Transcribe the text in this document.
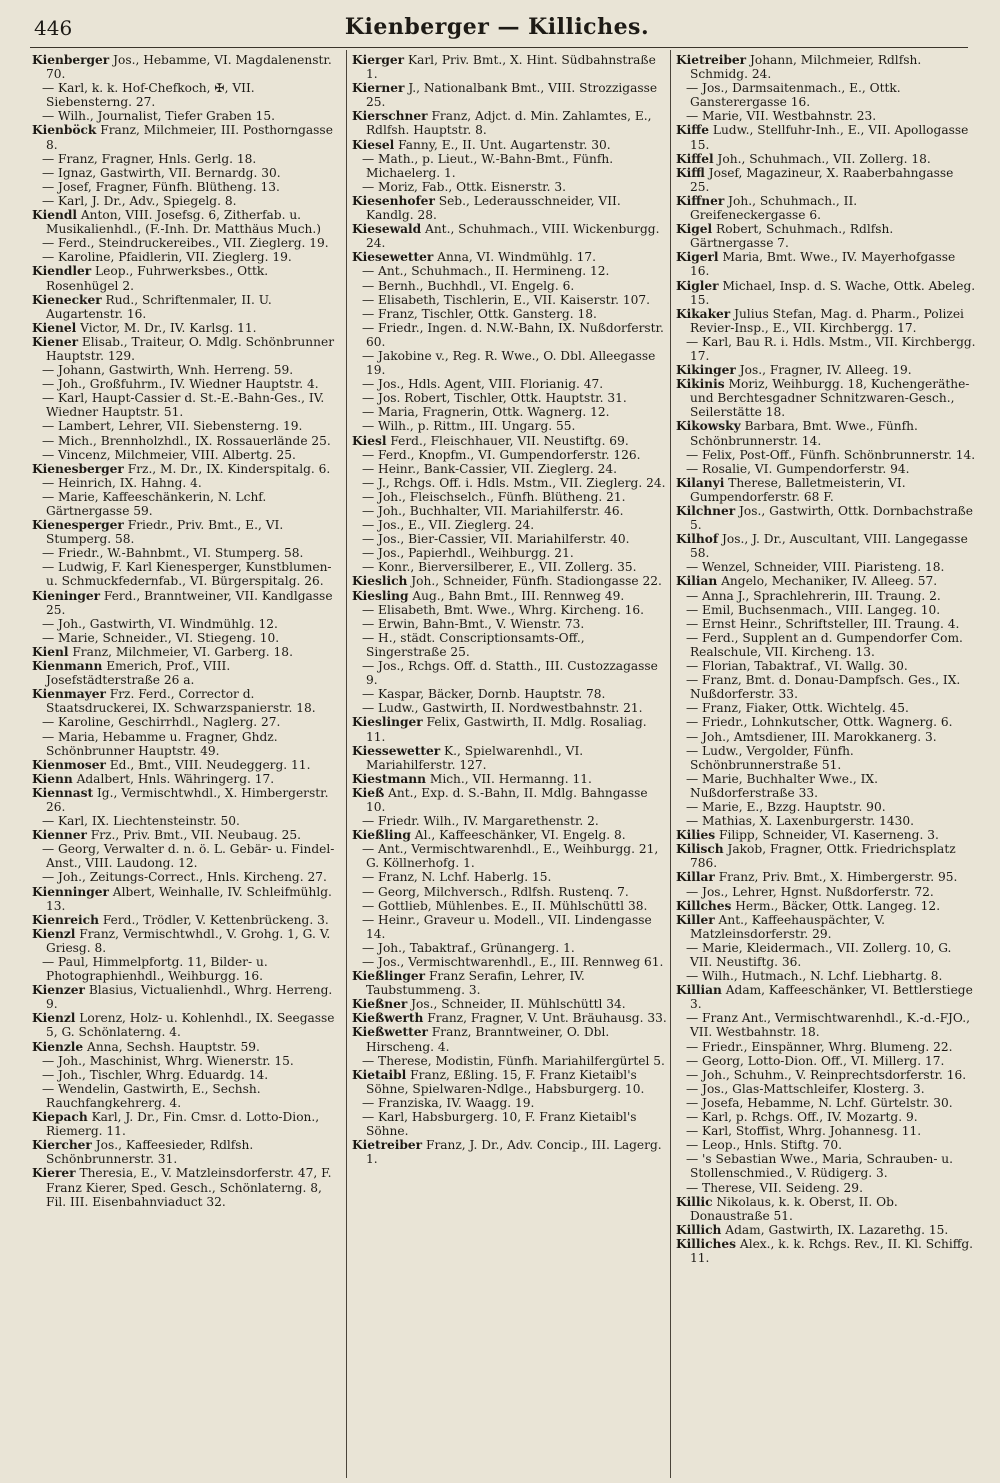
446	Kienberger — Killiches.

Kienberger Jos., Hebamme, VI. Magdalenenstr. 70.

— Karl, k. k. Hof-Chefkoch, ✠, VII. Siebensterng. 27.

— Wilh., Journalist, Tiefer Graben 15.

Kienböck Franz, Milchmeier, III. Posthorngasse 8.

— Franz, Fragner, Hnls. Gerlg. 18.

— Ignaz, Gastwirth, VII. Bernardg. 30.

— Josef, Fragner, Fünfh. Blütheng. 13.

— Karl, J. Dr., Adv., Spiegelg. 8.

Kiendl Anton, VIII. Josefsg. 6, Zitherfab. u. Musikalienhdl., (F.-Inh. Dr. Matthäus Much.)

— Ferd., Steindruckereibes., VII. Zieglerg. 19.

— Karoline, Pfaidlerin, VII. Zieglerg. 19.

Kiendler Leop., Fuhrwerksbes., Ottk. Rosenhügel 2.

Kienecker Rud., Schriftenmaler, II. U. Augartenstr. 16.

Kienel Victor, M. Dr., IV. Karlsg. 11.

Kiener Elisab., Traiteur, O. Mdlg. Schönbrunner Hauptstr. 129.

— Johann, Gastwirth, Wnh. Herreng. 59.

— Joh., Großfuhrm., IV. Wiedner Hauptstr. 4.

— Karl, Haupt-Cassier d. St.-E.-Bahn-Ges., IV. Wiedner Hauptstr. 51.

— Lambert, Lehrer, VII. Siebensterng. 19.

— Mich., Brennholzhdl., IX. Rossauerlände 25.

— Vincenz, Milchmeier, VIII. Albertg. 25.

Kienesberger Frz., M. Dr., IX. Kinderspitalg. 6.

— Heinrich, IX. Hahng. 4.

— Marie, Kaffeeschänkerin, N. Lchf. Gärtnergasse 59.

Kienesperger Friedr., Priv. Bmt., E., VI. Stumperg. 58.

— Friedr., W.-Bahnbmt., VI. Stumperg. 58.

— Ludwig, F. Karl Kienesperger, Kunstblumen- u. Schmuckfedernfab., VI. Bürgerspitalg. 26.

Kieninger Ferd., Branntweiner, VII. Kandlgasse 25.

— Joh., Gastwirth, VI. Windmühlg. 12.

— Marie, Schneider., VI. Stiegeng. 10.

Kienl Franz, Milchmeier, VI. Garberg. 18.

Kienmann Emerich, Prof., VIII. Josefstädterstraße 26 a.

Kienmayer Frz. Ferd., Corrector d. Staatsdruckerei, IX. Schwarzspanierstr. 18.

— Karoline, Geschirrhdl., Naglerg. 27.

— Maria, Hebamme u. Fragner, Ghdz. Schönbrunner Hauptstr. 49.

Kienmoser Ed., Bmt., VIII. Neudeggerg. 11.

Kienn Adalbert, Hnls. Währingerg. 17.

Kiennast Ig., Vermischtwhdl., X. Himbergerstr. 26.

— Karl, IX. Liechtensteinstr. 50.

Kienner Frz., Priv. Bmt., VII. Neubaug. 25.

— Georg, Verwalter d. n. ö. L. Gebär- u. Findel-Anst., VIII. Laudong. 12.

— Joh., Zeitungs-Correct., Hnls. Kircheng. 27.

Kienninger Albert, Weinhalle, IV. Schleifmühlg. 13.

Kienreich Ferd., Trödler, V. Kettenbrückeng. 3.

Kienzl Franz, Vermischtwhdl., V. Grohg. 1, G. V. Griesg. 8.

— Paul, Himmelpfortg. 11, Bilder- u. Photographienhdl., Weihburgg. 16.

Kienzer Blasius, Victualienhdl., Whrg. Herreng. 9.

Kienzl Lorenz, Holz- u. Kohlenhdl., IX. Seegasse 5, G. Schönlaterng. 4.

Kienzle Anna, Sechsh. Hauptstr. 59.

— Joh., Maschinist, Whrg. Wienerstr. 15.

— Joh., Tischler, Whrg. Eduardg. 14.

— Wendelin, Gastwirth, E., Sechsh. Rauchfangkehrerg. 4.

Kiepach Karl, J. Dr., Fin. Cmsr. d. Lotto-Dion., Riemerg. 11.

Kiercher Jos., Kaffeesieder, Rdlfsh. Schönbrunnerstr. 31.

Kierer Theresia, E., V. Matzleinsdorferstr. 47, F. Franz Kierer, Sped. Gesch., Schönlaterng. 8, Fil. III. Eisenbahnviaduct 32.

Kierger Karl, Priv. Bmt., X. Hint. Südbahnstraße 1.

Kierner J., Nationalbank Bmt., VIII. Strozzigasse 25.

Kierschner Franz, Adjct. d. Min. Zahlamtes, E., Rdlfsh. Hauptstr. 8.

Kiesel Fanny, E., II. Unt. Augartenstr. 30.

— Math., p. Lieut., W.-Bahn-Bmt., Fünfh. Michaelerg. 1.

— Moriz, Fab., Ottk. Eisnerstr. 3.

Kiesenhofer Seb., Lederausschneider, VII. Kandlg. 28.

Kiesewald Ant., Schuhmach., VIII. Wickenburgg. 24.

Kiesewetter Anna, VI. Windmühlg. 17.

— Ant., Schuhmach., II. Hermineng. 12.

— Bernh., Buchhdl., VI. Engelg. 6.

— Elisabeth, Tischlerin, E., VII. Kaiserstr. 107.

— Franz, Tischler, Ottk. Gansterg. 18.

— Friedr., Ingen. d. N.W.-Bahn, IX. Nußdorferstr. 60.

— Jakobine v., Reg. R. Wwe., O. Dbl. Alleegasse 19.

— Jos., Hdls. Agent, VIII. Florianig. 47.

— Jos. Robert, Tischler, Ottk. Hauptstr. 31.

— Maria, Fragnerin, Ottk. Wagnerg. 12.

— Wilh., p. Rittm., III. Ungarg. 55.

Kiesl Ferd., Fleischhauer, VII. Neustiftg. 69.

— Ferd., Knopfm., VI. Gumpendorferstr. 126.

— Heinr., Bank-Cassier, VII. Zieglerg. 24.

— J., Rchgs. Off. i. Hdls. Mstm., VII. Zieglerg. 24.

— Joh., Fleischselch., Fünfh. Blütheng. 21.

— Joh., Buchhalter, VII. Mariahilferstr. 46.

— Jos., E., VII. Zieglerg. 24.

— Jos., Bier-Cassier, VII. Mariahilferstr. 40.

— Jos., Papierhdl., Weihburgg. 21.

— Konr., Bierversilberer, E., VII. Zollerg. 35.

Kieslich Joh., Schneider, Fünfh. Stadiongasse 22.

Kiesling Aug., Bahn Bmt., III. Rennweg 49.

— Elisabeth, Bmt. Wwe., Whrg. Kircheng. 16.

— Erwin, Bahn-Bmt., V. Wienstr. 73.

— H., städt. Conscriptionsamts-Off., Singerstraße 25.

— Jos., Rchgs. Off. d. Statth., III. Custozzagasse 9.

— Kaspar, Bäcker, Dornb. Hauptstr. 78.

— Ludw., Gastwirth, II. Nordwestbahnstr. 21.

Kieslinger Felix, Gastwirth, II. Mdlg. Rosaliag. 11.

Kiessewetter K., Spielwarenhdl., VI. Mariahilferstr. 127.

Kiestmann Mich., VII. Hermanng. 11.

Kieß Ant., Exp. d. S.-Bahn, II. Mdlg. Bahngasse 10.

— Friedr. Wilh., IV. Margarethenstr. 2.

Kießling Al., Kaffeeschänker, VI. Engelg. 8.

— Ant., Vermischtwarenhdl., E., Weihburgg. 21, G. Köllnerhofg. 1.

— Franz, N. Lchf. Haberlg. 15.

— Georg, Milchversch., Rdlfsh. Rustenq. 7.

— Gottlieb, Mühlenbes. E., II. Mühlschüttl 38.

— Heinr., Graveur u. Modell., VII. Lindengasse 14.

— Joh., Tabaktraf., Grünangerg. 1.

— Jos., Vermischtwarenhdl., E., III. Rennweg 61.

Kießlinger Franz Serafin, Lehrer, IV. Taubstummeng. 3.

Kießner Jos., Schneider, II. Mühlschüttl 34.

Kießwerth Franz, Fragner, V. Unt. Bräuhausg. 33.

Kießwetter Franz, Branntweiner, O. Dbl. Hirscheng. 4.

— Therese, Modistin, Fünfh. Mariahilfergürtel 5.

Kietaibl Franz, Eßling. 15, F. Franz Kietaibl's Söhne, Spielwaren-Ndlge., Habsburgerg. 10.

— Franziska, IV. Waagg. 19.

— Karl, Habsburgerg. 10, F. Franz Kietaibl's Söhne.

Kietreiber Franz, J. Dr., Adv. Concip., III. Lagerg. 1.

Kietreiber Johann, Milchmeier, Rdlfsh. Schmidg. 24.

— Jos., Darmsaitenmach., E., Ottk. Gansterergasse 16.

— Marie, VII. Westbahnstr. 23.

Kiffe Ludw., Stellfuhr-Inh., E., VII. Apollogasse 15.

Kiffel Joh., Schuhmach., VII. Zollerg. 18.

Kiffl Josef, Magazineur, X. Raaberbahngasse 25.

Kiffner Joh., Schuhmach., II. Greifeneckergasse 6.

Kigel Robert, Schuhmach., Rdlfsh. Gärtnergasse 7.

Kigerl Maria, Bmt. Wwe., IV. Mayerhofgasse 16.

Kigler Michael, Insp. d. S. Wache, Ottk. Abeleg. 15.

Kikaker Julius Stefan, Mag. d. Pharm., Polizei Revier-Insp., E., VII. Kirchbergg. 17.

— Karl, Bau R. i. Hdls. Mstm., VII. Kirchbergg. 17.

Kikinger Jos., Fragner, IV. Alleeg. 19.

Kikinis Moriz, Weihburgg. 18, Kuchengeräthe- und Berchtesgadner Schnitzwaren-Gesch., Seilerstätte 18.

Kikowsky Barbara, Bmt. Wwe., Fünfh. Schönbrunnerstr. 14.

— Felix, Post-Off., Fünfh. Schönbrunnerstr. 14.

— Rosalie, VI. Gumpendorferstr. 94.

Kilanyi Therese, Balletmeisterin, VI. Gumpendorferstr. 68 F.

Kilchner Jos., Gastwirth, Ottk. Dornbachstraße 5.

Kilhof Jos., J. Dr., Auscultant, VIII. Langegasse 58.

— Wenzel, Schneider, VIII. Piaristeng. 18.

Kilian Angelo, Mechaniker, IV. Alleeg. 57.

— Anna J., Sprachlehrerin, III. Traung. 2.

— Emil, Buchsenmach., VIII. Langeg. 10.

— Ernst Heinr., Schriftsteller, III. Traung. 4.

— Ferd., Supplent an d. Gumpendorfer Com. Realschule, VII. Kircheng. 13.

— Florian, Tabaktraf., VI. Wallg. 30.

— Franz, Bmt. d. Donau-Dampfsch. Ges., IX. Nußdorferstr. 33.

— Franz, Fiaker, Ottk. Wichtelg. 45.

— Friedr., Lohnkutscher, Ottk. Wagnerg. 6.

— Joh., Amtsdiener, III. Marokkanerg. 3.

— Ludw., Vergolder, Fünfh. Schönbrunnerstraße 51.

— Marie, Buchhalter Wwe., IX. Nußdorferstraße 33.

— Marie, E., Bzzg. Hauptstr. 90.

— Mathias, X. Laxenburgerstr. 1430.

Kilies Filipp, Schneider, VI. Kaserneng. 3.

Kilisch Jakob, Fragner, Ottk. Friedrichsplatz 786.

Killar Franz, Priv. Bmt., X. Himbergerstr. 95.

— Jos., Lehrer, Hgnst. Nußdorferstr. 72.

Killches Herm., Bäcker, Ottk. Langeg. 12.

Killer Ant., Kaffeehauspächter, V. Matzleinsdorferstr. 29.

— Marie, Kleidermach., VII. Zollerg. 10, G. VII. Neustiftg. 36.

— Wilh., Hutmach., N. Lchf. Liebhartg. 8.

Killian Adam, Kaffeeschänker, VI. Bettlerstiege 3.

— Franz Ant., Vermischtwarenhdl., K.-d.-FJO., VII. Westbahnstr. 18.

— Friedr., Einspänner, Whrg. Blumeng. 22.

— Georg, Lotto-Dion. Off., VI. Millerg. 17.

— Joh., Schuhm., V. Reinprechtsdorferstr. 16.

— Jos., Glas-Mattschleifer, Klosterg. 3.

— Josefa, Hebamme, N. Lchf. Gürtelstr. 30.

— Karl, p. Rchgs. Off., IV. Mozartg. 9.

— Karl, Stoffist, Whrg. Johannesg. 11.

— Leop., Hnls. Stiftg. 70.

— 's Sebastian Wwe., Maria, Schrauben- u. Stollenschmied., V. Rüdigerg. 3.

— Therese, VII. Seideng. 29.

Killic Nikolaus, k. k. Oberst, II. Ob. Donaustraße 51.

Killich Adam, Gastwirth, IX. Lazarethg. 15.

Killiches Alex., k. k. Rchgs. Rev., II. Kl. Schiffg. 11.
